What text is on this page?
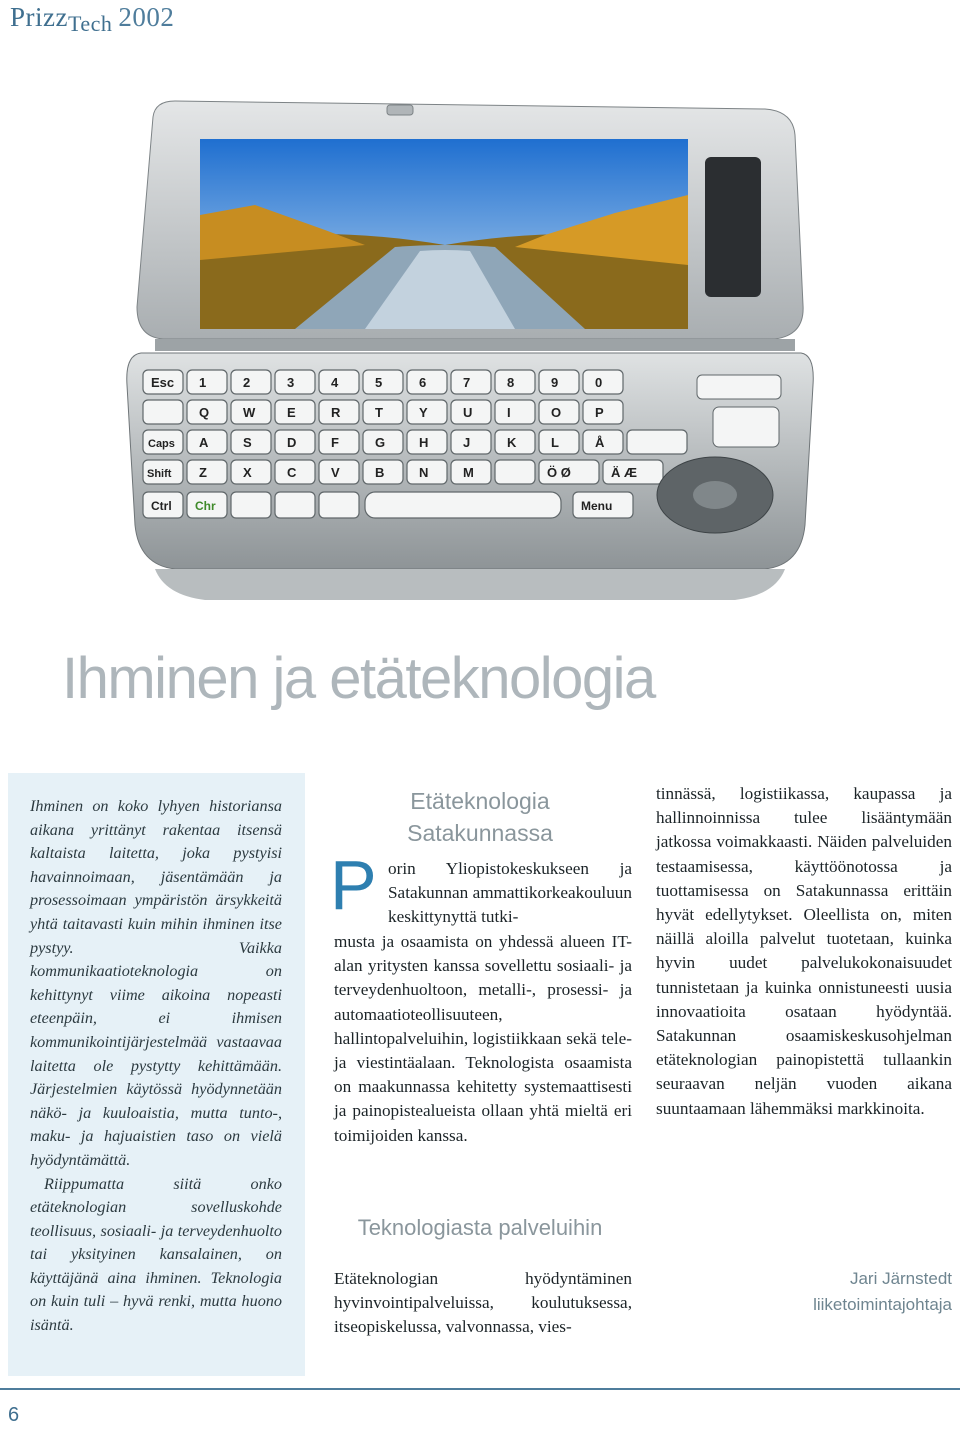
PrizzTech 2002
Esc 1	2	3	4	5	6	7	8	9	0
Q	W E	R	T	Y	U	I	O	P
Caps A	S	D	F	G	H	J	K	L	Å
Shift Z	X	C	V	B	N	M	Ö Ø	Ä Æ
Ctrl Chr	Menu
Ihminen ja etäteknologia

Ihminen on koko lyhyen historiansa aikana yrittänyt rakentaa itsensä kaltaista laitetta, joka pystyisi havainnoimaan, jäsentämään ja prosessoimaan ympäristön ärsykkeitä yhtä taitavasti kuin mihin ihminen itse pystyy. Vaikka kommunikaatioteknologia on kehittynyt viime aikoina nopeasti eteenpäin, ei ihmisen kommunikointijärjestelmää vastaavaa laitetta ole pystytty kehittämään. Järjestelmien käytössä hyödynnetään näkö- ja kuuloaistia, mutta tunto-, maku- ja hajuaistien taso on vielä hyödyntämättä.
Riippumatta siitä onko etäteknologian sovelluskohde teollisuus, sosiaali- ja terveydenhuolto tai yksityinen kansalainen, on käyttäjänä aina ihminen. Teknologia on kuin tuli – hyvä renki, mutta huono isäntä.

Etäteknologia
Satakunnassa
P orin Yliopistokeskukseen ja Satakunnan ammattikorkeakouluun keskittynyttä tutki-

musta ja osaamista on yhdessä alueen IT-alan yritysten kanssa sovellettu sosiaali- ja terveydenhuoltoon, metalli-, prosessi- ja automaatioteollisuuteen, hallintopalveluihin, logistiikkaan sekä tele- ja viestintäalaan. Teknologista osaamista on maakunnassa kehitetty systemaattisesti ja painopistealueista ollaan yhtä mieltä eri toimijoiden kanssa.

Teknologiasta palveluihin

Etäteknologian hyödyntäminen hyvinvointipalveluissa, koulutuksessa, itseopiskelussa, valvonnassa, vies-

tinnässä, logistiikassa, kaupassa ja hallinnoinnissa tulee lisääntymään jatkossa voimakkaasti. Näiden palveluiden testaamisessa, käyttöönotossa ja tuottamisessa on Satakunnassa erittäin hyvät edellytykset. Oleellista on, miten näillä aloilla palvelut tuotetaan, kuinka hyvin uudet palvelukokonaisuudet tunnistetaan ja kuinka onnistuneesti uusia innovaatioita osataan hyödyntää. Satakunnan osaamiskeskusohjelman etäteknologian painopistettä tullaankin seuraavan neljän vuoden aikana suuntaamaan lähemmäksi markkinoita.

Jari Järnstedt
liiketoimintajohtaja
6
